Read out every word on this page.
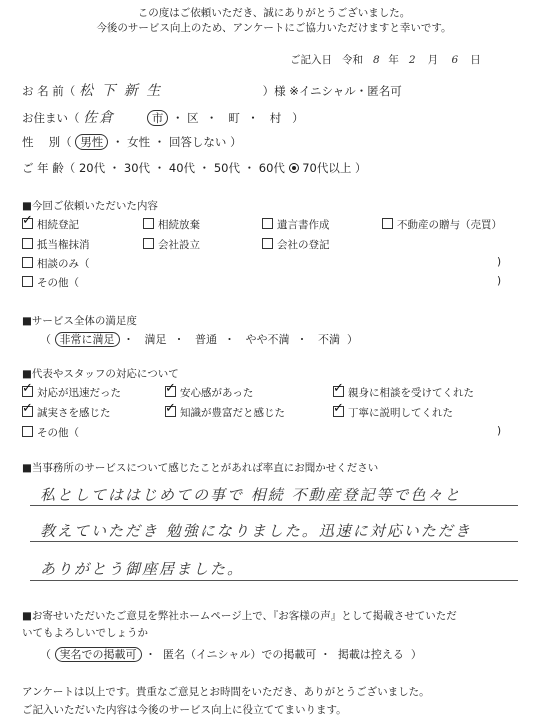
この度はご依頼いただき、誠にありがとうございました。
今後のサービス向上のため、アンケートにご協力いただけますと幸いです。
ご記入日 令和 8 年 2 月 6 日
お 名 前（ 松 下 新 生	）様 ※イニシャル・匿名可
お住まい（ 佐倉	市 ・ 区  ・   町  ・   村 ）
性　 別（ 男性 ・ 女性 ・ 回答しない ）
ご 年 齢（ 20代 ・ 30代 ・ 40代 ・ 50代 ・ 60代 70代以上 ）
■今回ご依頼いただいた内容
✓相続登記	相続放棄	遺言書作成	不動産の贈与（売買）
抵当権抹消	会社設立	会社の登記
相談のみ（	)
その他（	)
■サービス全体の満足度
（ 非常に満足 ・   満足  ・   普通  ・   やや不満  ・   不満 ）
■代表やスタッフの対応について
✓対応が迅速だった ✓	安心感があった ✓	親身に相談を受けてくれた
✓誠実さを感じた ✓	知識が豊富だと感じた ✓	丁寧に説明してくれた
その他（	)
■当事務所のサービスについて感じたことがあれば率直にお聞かせください
私としてははじめての事で 相続 不動産登記等で色々と
教えていただき 勉強になりました。迅速に対応いただき
ありがとう御座居ました。
■お寄せいただいたご意見を弊社ホームページ上で、『お客様の声』として掲載させていただ
いてもよろしいでしょうか
（ 実名での掲載可 ・  匿名（イニシャル）での掲載可 ・  掲載は控える ）
アンケートは以上です。貴重なご意見とお時間をいただき、ありがとうございました。
ご記入いただいた内容は今後のサービス向上に役立ててまいります。
